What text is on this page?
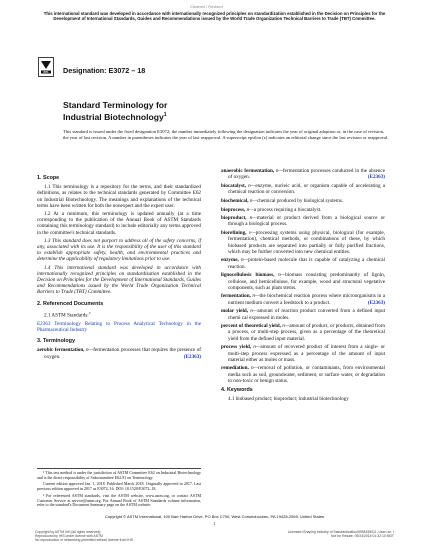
Cleaned / Revised
This international standard was developed in accordance with internationally recognized principles on standardization established in the Decision on Principles for the Development of International Standards, Guides and Recommendations issued by the World Trade Organization Technical Barriers to Trade (TBT) Committee.
INTL Designation: E3072 – 18
Standard Terminology for
Industrial Biotechnology$^1$
This standard is issued under the fixed designation E3072; the number immediately following the designation indicates the year of original adoption or, in the case of revision, the year of last revision. A number in parentheses indicates the year of last reapproval. A superscript epsilon (ε) indicates an editorial change since the last revision or reapproval.
1. Scope
1.1 This terminology is a repository for the terms, and their standardized definitions, as relates to the technical standards generated by Committee E62 on Industrial Biotechnology. The meanings and explanations of the technical terms have been written for both the nonexpert and the expert user.
1.2 At a minimum, this terminology is updated annually (at a time corresponding to the publication of the Annual Book of ASTM Standards containing this terminology standard) to include editorially any terms approved in the committee's technical standards.
1.3 This standard does not purport to address all of the safety concerns, if any, associated with its use. It is the responsibility of the user of this standard to establish appropriate safety, health, and environmental practices and determine the applicability of regulatory limitations prior to use.
1.4 This international standard was developed in accordance with internationally recognized principles on standardization established in the Decision on Principles for the Development of International Standards, Guides and Recommendations issued by the World Trade Organization Technical Barriers to Trade (TBT) Committee.
2. Referenced Documents
2.1 ASTM Standards:$^2$
E2363 Terminology Relating to Process Analytical Technology in the Pharmaceutical Industry
3. Terminology
aerobic fermentation, n—fermentation processes that requires the presence of oxygen.	(E2363)
anaerobic fermentation, n—fermentation processes conducted in the absence of oxygen.	(E2363)
biocatalyst, n—enzyme, nucleic acid, or organism capable of accelerating a chemical reaction or conversion.
biochemical, n—chemical produced by biological systems.
bioprocess, n—a process requiring a biocatalyst.
bioproduct, n—material or product derived from a biological source or through a biological process.
biorefining, v—processing systems using physical, biological (for example, fermentation), chemical methods, or combinations of these, by which biobased products are separated into partially or fully purified fractions, which may be further converted into new chemical entities.
enzyme, n—protein-based molecule that is capable of catalyzing a chemical reaction.
lignocellulosic biomass, n—biomass consisting predominantly of lignin, cellulose, and hemicellulose, for example, wood and structural vegetative components, such as plant stems.
fermentation, n—the biochemical reaction process where microorganisms in a nutrient medium convert a feedstock to a product.	(E2363)
molar yield, n—amount of reaction product converted from a defined input chemi cal expressed in moles.
percent of theoretical yield, n—amount of product, or products, obtained from a process, or multi-step process, given as a percentage of the theoretical yield from the defined input material.
process yield, n—amount of recovered product of interest from a single- or multi-step process expressed as a percentage of the amount of input material either as moles or mass.
remediation, n—removal of pollution, or contaminants, from environmental media such as soil, groundwater, sediment, or surface water, or degradation to non-toxic or benign status.
4. Keywords
4.1 biobased product; bioproduct; industrial biotechnology
¹ This test method is under the jurisdiction of ASTM Committee E62 on Industrial Biotechnology and is the direct responsibility of Subcommittee E62.91 on Terminology.
Current edition approved Jan. 1, 2018. Published March 2018. Originally approved in 2017. Last previous edition approved in 2017 as E3072–16. DOI: 10.1520/E3072–18.
² For referenced ASTM standards, visit the ASTM website, www.astm.org, or contact ASTM Customer Service at service@astm.org. For Annual Book of ASTM Standards volume information, refer to the standard's Document Summary page on the ASTM website.
Copyright © ASTM International, 100 Barr Harbor Drive, PO Box C700, West Conshohocken, PA 19428-2959. United States
1
Copyright by ASTM Int'l (all rights reserved);
Reproduced by IHS under license with ASTM
No reproduction or networking permitted without license from IHS
Licensee=Shaping Industry of Standardization/5958155011, User=zz, r
Not for Resale, 05/24/2018 01:32:10 MDT
